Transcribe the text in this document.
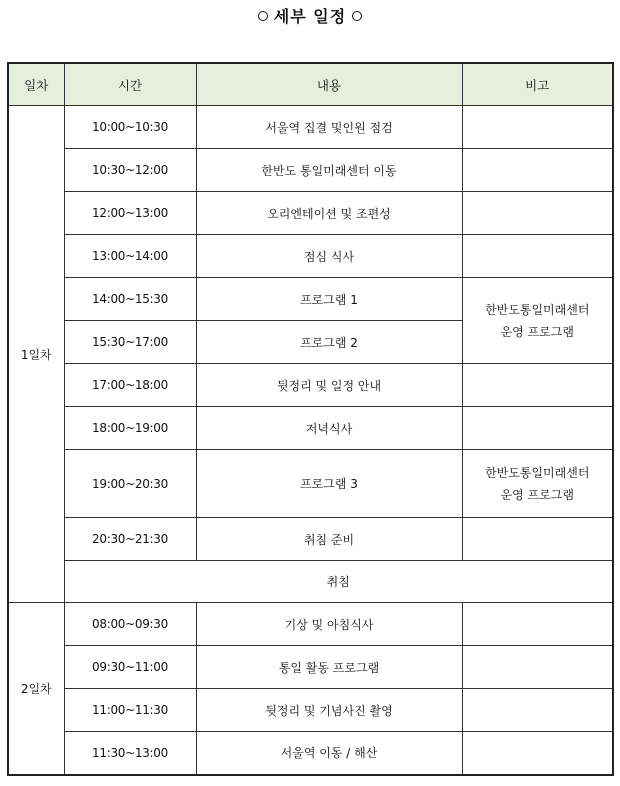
세부 일정
일차	시간	내용	비고
1일차	10:00~10:30	서울역 집결 및인원 점검	
	10:30~12:00	한반도 통일미래센터 이동	
	12:00~13:00	오리엔테이션 및 조편성	
	13:00~14:00	점심 식사	
	14:00~15:30	프로그램 1	한반도통일미래센터
운영 프로그램

	15:30~17:00	프로그램 2	
	17:00~18:00	뒷정리 및 일정 안내	
	18:00~19:00	저녁식사	
	19:00~20:30	프로그램 3	한반도통일미래센터
운영 프로그램

	20:30~21:30	취침 준비	
	취침		
2일차	08:00~09:30	기상 및 아침식사	
	09:30~11:00	통일 활동 프로그램	
	11:00~11:30	뒷정리 및 기념사진 촬영	
	11:30~13:00	서울역 이동 / 해산	
